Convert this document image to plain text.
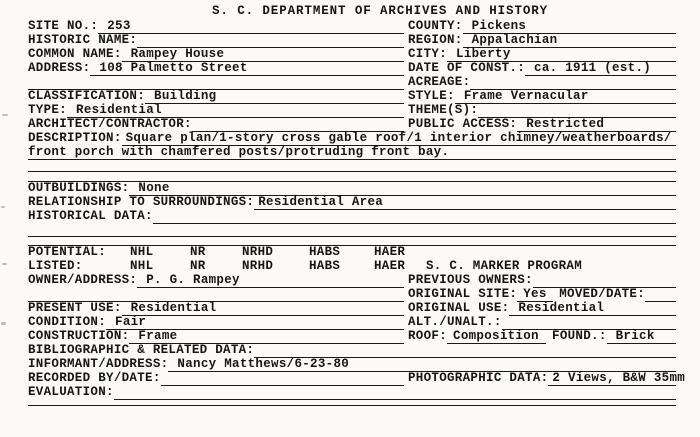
S. C. DEPARTMENT OF ARCHIVES AND HISTORY
SITE NO.: 253	COUNTY: Pickens
HISTORIC NAME:	REGION: Appalachian
COMMON NAME: Rampey House	CITY: Liberty
ADDRESS: 108 Palmetto Street	DATE OF CONST.: ca. 1911 (est.)
ACREAGE:
CLASSIFICATION: Building	STYLE: Frame Vernacular
TYPE: Residential	THEME(S):
ARCHITECT/CONTRACTOR:	PUBLIC ACCESS: Restricted
DESCRIPTION: Square plan/1-story cross gable roof/1 interior chimney/weatherboards/
front porch with chamfered posts/protruding front bay.
OUTBUILDINGS: None
RELATIONSHIP TO SURROUNDINGS: Residential Area
HISTORICAL DATA:
POTENTIAL:	NHL	NR	NRHD	HABS	HAER
LISTED:	NHL	NR	NRHD	HABS	HAER	S. C. MARKER PROGRAM
OWNER/ADDRESS: P. G. Rampey	PREVIOUS OWNERS:
ORIGINAL SITE: Yes	MOVED/DATE:
PRESENT USE: Residential	ORIGINAL USE: Residential
CONDITION: Fair	ALT./UNALT.:
CONSTRUCTION: Frame	ROOF: Composition	FOUND.: Brick
BIBLIOGRAPHIC & RELATED DATA:
INFORMANT/ADDRESS: Nancy Matthews/6-23-80
RECORDED BY/DATE:	PHOTOGRAPHIC DATA: 2 Views, B&W 35mm
EVALUATION:
